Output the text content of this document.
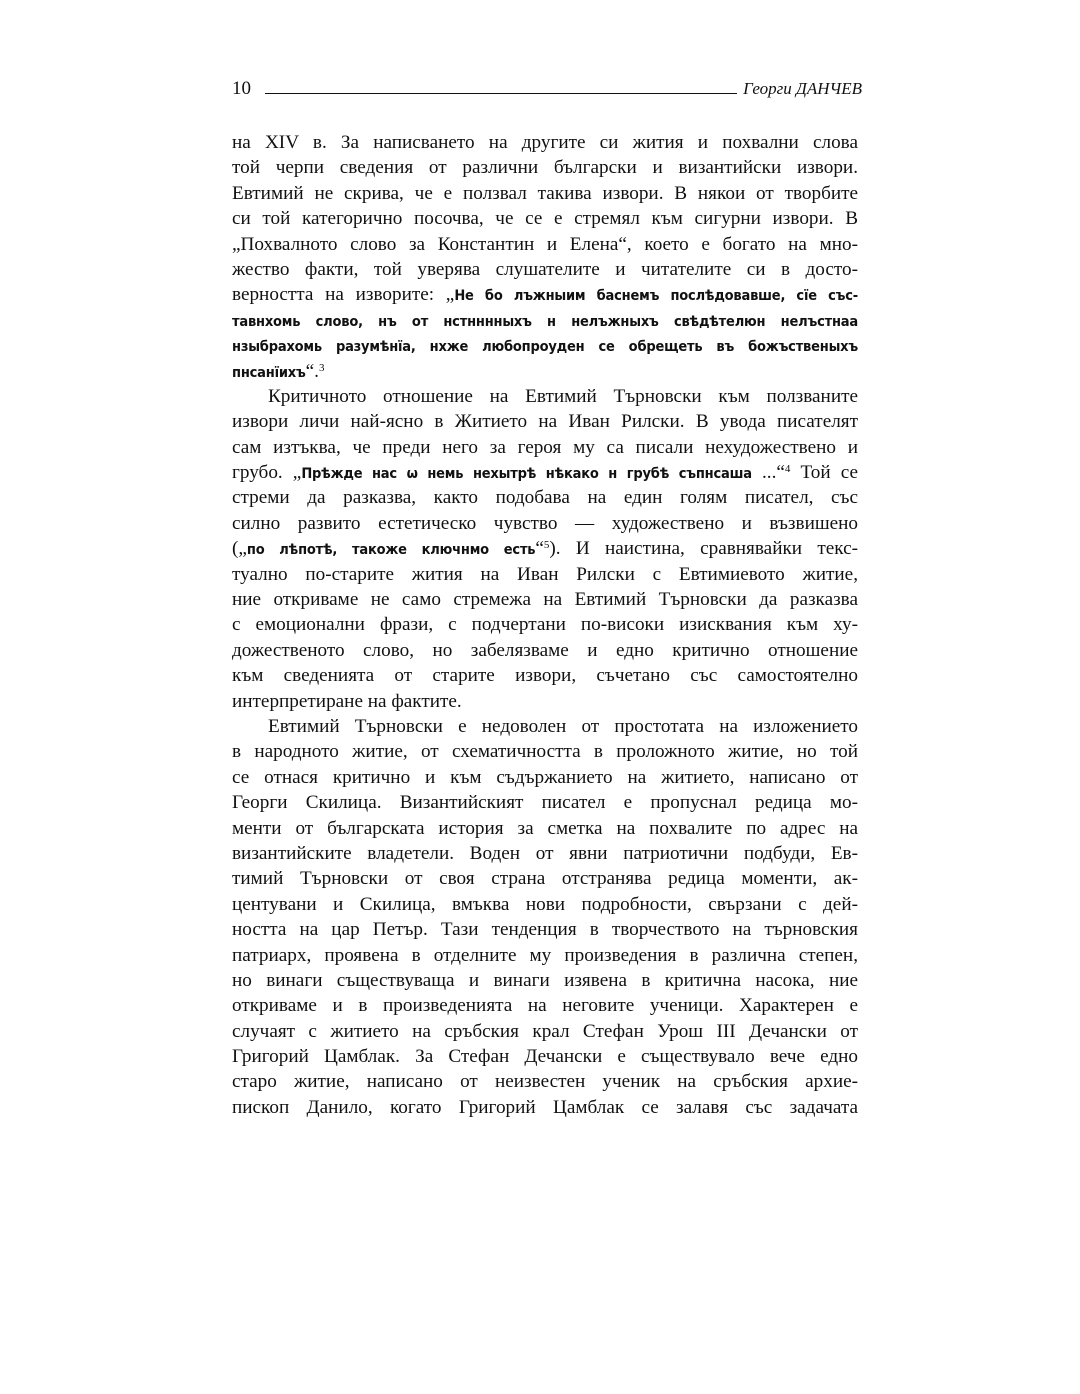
10	Георги ДАНЧЕВ
на XIV в. За написването на другите си жития и похвални слова
той черпи сведения от различни български и византийски извори.
Евтимий не скрива, че е ползвал такива извори. В някои от творбите
си той категорично посочва, че се е стремял към сигурни извори. В
„Похвалното слово за Константин и Елена“, което е богато на мно-
жество факти, той уверява слушателите и читателите си в досто-
верността на изворите: „Не бо лъжныим баснемъ послѣдовавше, сїе със-
тавнхомь слово, нъ от нстнннныхъ н нелъжныхъ свѣдѣтелюн нелъстнаа
нзыбрахомь разумѣнїа, нхже любопроуден се обрещеть въ божъственыхъ
пнсанїихъ“.$^3$
Критичното отношение на Евтимий Търновски към ползваните
извори личи най-ясно в Житието на Иван Рилски. В увода писателят
сам изтъква, че преди него за героя му са писали нехудожествено и
грубо. „Прѣжде нас ѡ немь нехытрѣ нѣкако н грубѣ съпнсаша ...“$^4$ Той се
стреми да разказва, както подобава на един голям писател, със
силно развито естетическо чувство — художествено и възвишено
(„по лѣпотѣ, такоже ключнмо есть“$^5$). И наистина, сравнявайки текс-
туално по-старите жития на Иван Рилски с Евтимиевото житие,
ние откриваме не само стремежа на Евтимий Търновски да разказва
с емоционални фрази, с подчертани по-високи изисквания към ху-
дожественото слово, но забелязваме и едно критично отношение
към сведенията от старите извори, съчетано със самостоятелно
интерпретиране на фактите.
Евтимий Търновски е недоволен от простотата на изложението
в народното житие, от схематичността в проложното житие, но той
се отнася критично и към съдържанието на житието, написано от
Георги Скилица. Византийският писател е пропуснал редица мо-
менти от българската история за сметка на похвалите по адрес на
византийските владетели. Воден от явни патриотични подбуди, Ев-
тимий Търновски от своя страна отстранява редица моменти, ак-
центувани и Скилица, вмъква нови подробности, свързани с дей-
ността на цар Петър. Тази тенденция в творчеството на търновския
патриарх, проявена в отделните му произведения в различна степен,
но винаги съществуваща и винаги изявена в критична насока, ние
откриваме и в произведенията на неговите ученици. Характерен е
случаят с житието на сръбския крал Стефан Урош III Дечански от
Григорий Цамблак. За Стефан Дечански е съществувало вече едно
старо житие, написано от неизвестен ученик на сръбския архие-
пископ Данило, когато Григорий Цамблак се залавя със задачата
